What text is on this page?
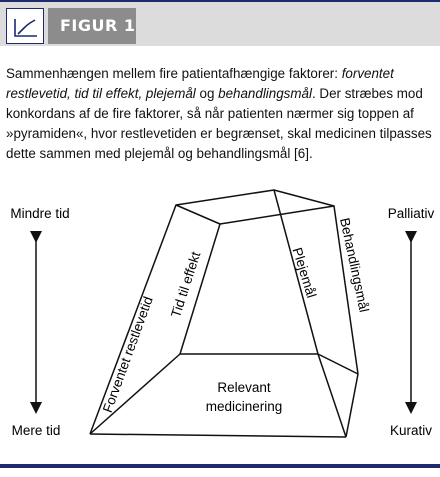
FIGUR 1
Sammenhængen mellem fire patientafhængige faktorer: forventet restlevetid, tid til effekt, plejemål og behandlingsmål. Der stræbes mod konkordans af de fire faktorer, så når patienten nærmer sig toppen af »pyramiden«, hvor restlevetiden er begrænset, skal medicinen tilpasses dette sammen med plejemål og behandlingsmål [6].
Mindre tid
Mere tid
Palliativ
Kurativ
Forventet restlevetid
Tid til effekt	Plejemål Behandlingsmål
Relevant
medicinering
